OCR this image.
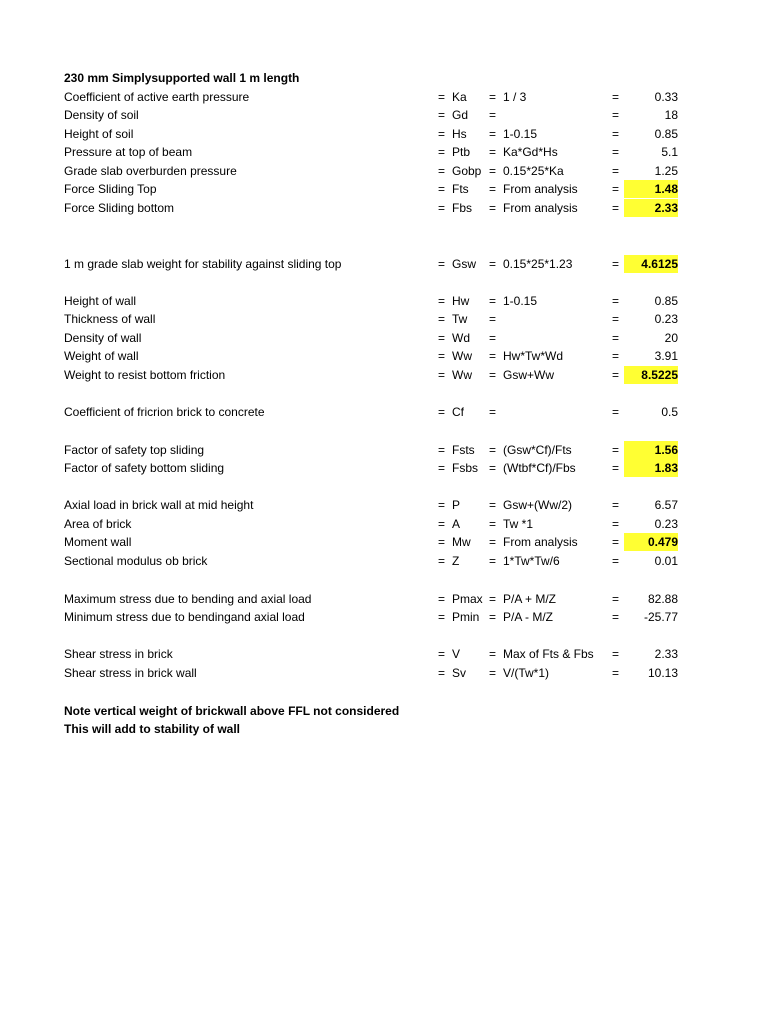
230 mm Simplysupported wall 1 m length
Coefficient of active earth pressure	= Ka = 1 / 3	=	0.33
Density of soil	= Gd =	=	18
Height of soil	= Hs = 1-0.15	=	0.85
Pressure at top of beam	= Ptb = Ka*Gd*Hs	=	5.1
Grade slab overburden pressure	= Gobp = 0.15*25*Ka	=	1.25
Force Sliding Top	= Fts = From analysis	=	1.48
Force Sliding bottom	= Fbs = From analysis	=	2.33
1 m grade slab weight for stability against sliding top	= Gsw = 0.15*25*1.23	=	4.6125
Height of wall	= Hw = 1-0.15	=	0.85
Thickness of wall	= Tw =	=	0.23
Density of wall	= Wd =	=	20
Weight of wall	= Ww = Hw*Tw*Wd	=	3.91
Weight to resist bottom friction	= Ww = Gsw+Ww	=	8.5225
Coefficient of fricrion brick to concrete	= Cf =	=	0.5
Factor of safety top sliding	= Fsts = (Gsw*Cf)/Fts	=	1.56
Factor of safety bottom sliding	= Fsbs = (Wtbf*Cf)/Fbs	=	1.83
Axial load in brick wall at mid height	= P = Gsw+(Ww/2)	=	6.57
Area of brick	= A = Tw *1	=	0.23
Moment wall	= Mw = From analysis	=	0.479
Sectional modulus ob brick	= Z = 1*Tw*Tw/6	=	0.01
Maximum stress due to bending and axial load	= Pmax = P/A + M/Z	=	82.88
Minimum stress due to bendingand axial load	= Pmin = P/A - M/Z	=	-25.77
Shear stress in brick	= V = Max of Fts & Fbs =	2.33
Shear stress in brick wall	= Sv = V/(Tw*1)	=	10.13
Note vertical weight of brickwall above FFL not considered
This will add to stability of wall
